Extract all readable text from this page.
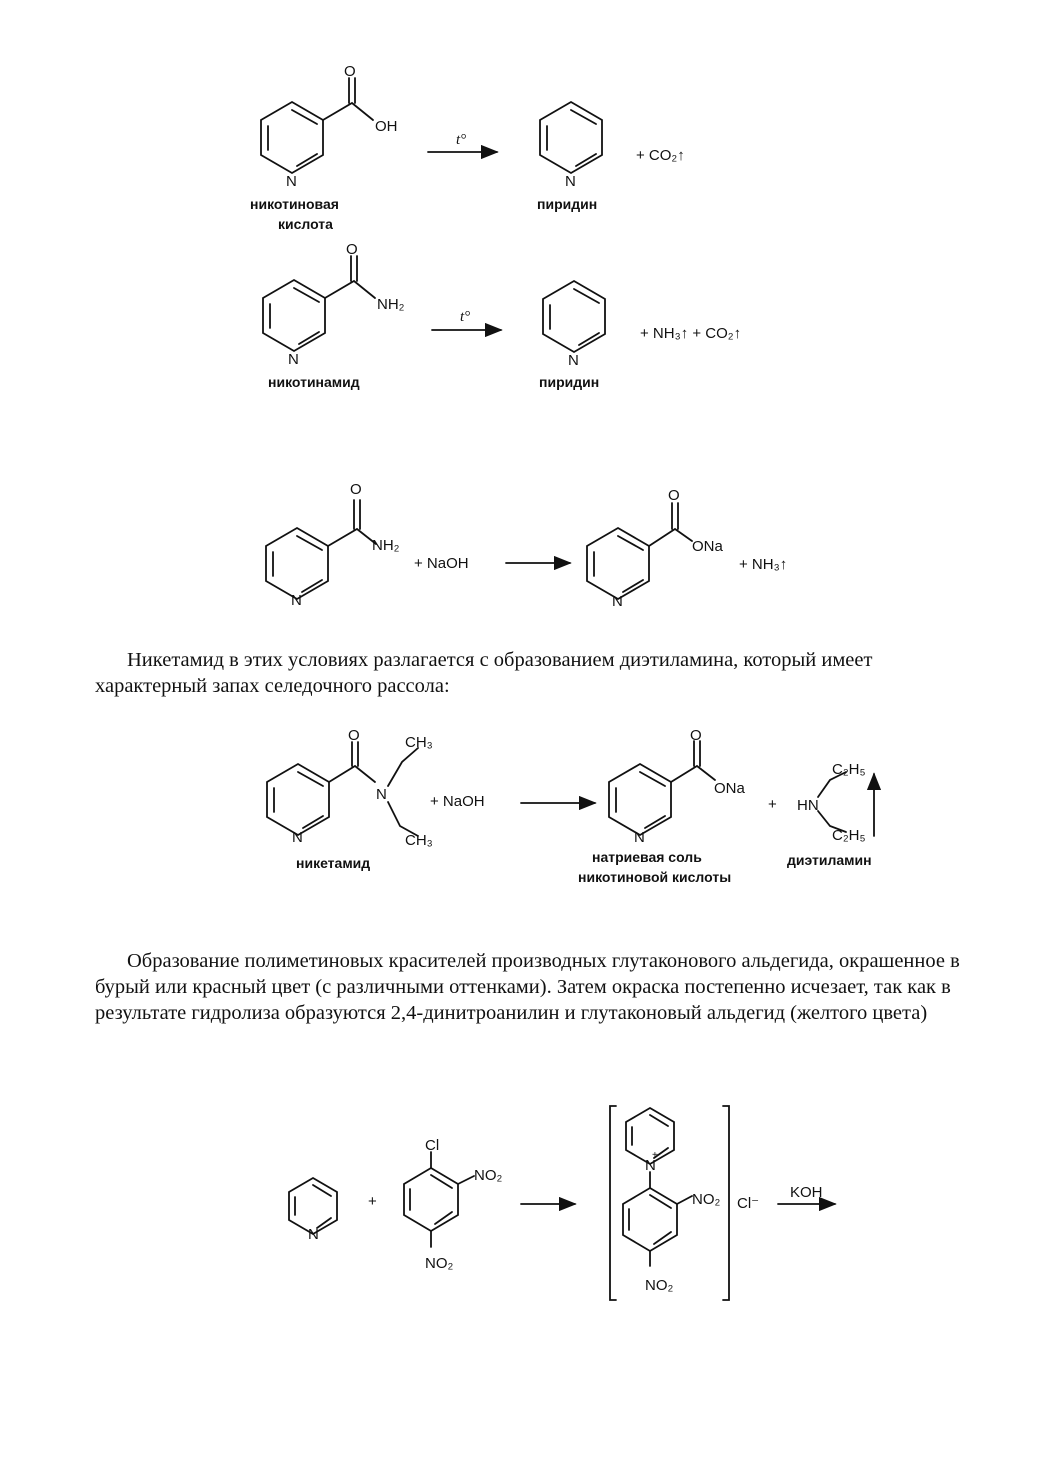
O
OH
N
никотиновая
кислота
t°
N
пиридин
+ CO₂↑
O
NH₂
N
никотинамид
t°
N
пиридин
+ NH₃↑ + CO₂↑
O
NH₂
N
+ NaOH
O
ONa
N
+ NH₃↑
O
N
CH₃
CH₃
N
никетамид
+ NaOH
O
ONa
N
натриевая соль
никотиновой кислоты
+ HN
C₂H₅
C₂H₅
диэтиламин
N
+
Cl
NO₂
NO₂
N
+
NO₂
NO₂
Cl⁻
KOH

Никетамид в этих условиях разлагается с образованием диэтиламина, который имеет характерный запах селедочного рассола:

Образование полиметиновых красителей производных глутаконового альдегида, окрашенное в бурый или красный цвет (с различными оттенками). Затем окраска постепенно исчезает, так как в результате гидролиза образуются 2,4-динитроанилин и глутаконовый альдегид (желтого цвета)
